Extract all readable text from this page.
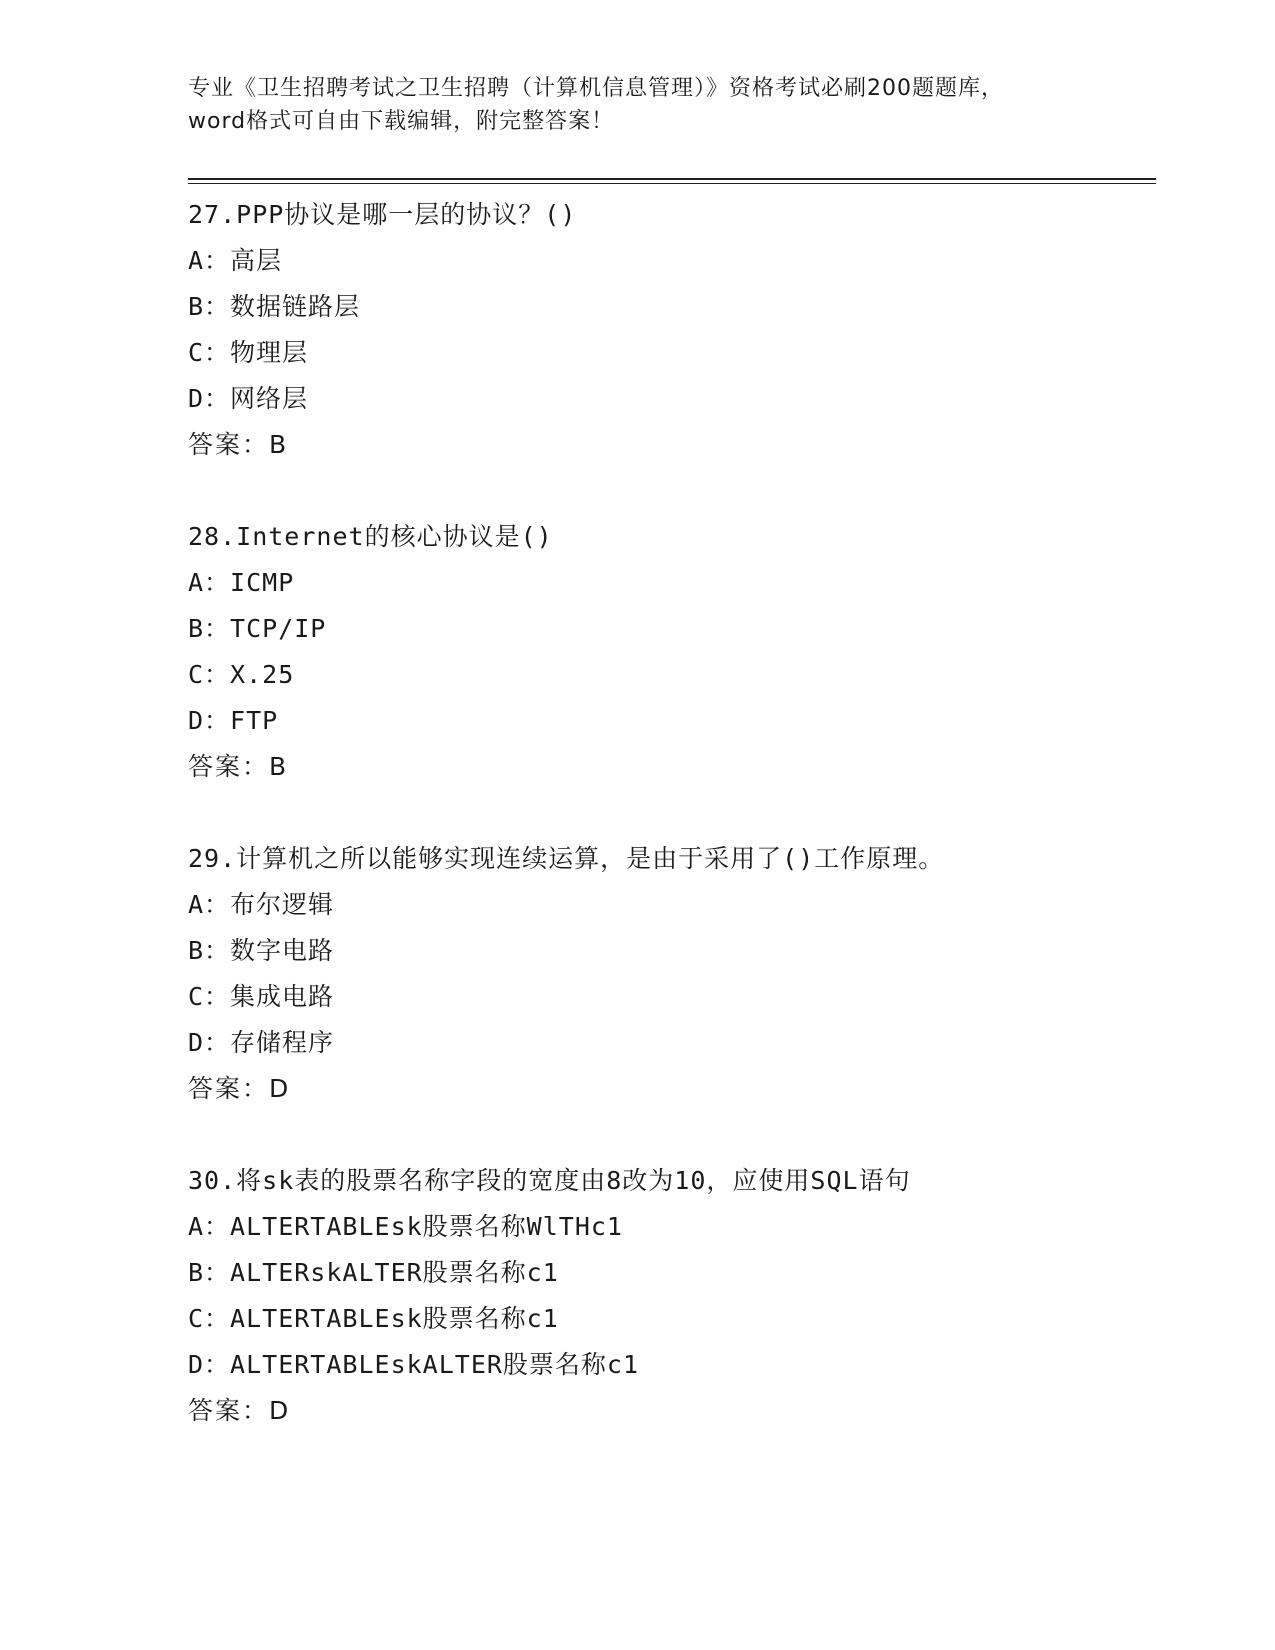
专业《卫生招聘考试之卫生招聘（计算机信息管理）》资格考试必刷200题题库，
word格式可自由下载编辑，附完整答案！
27.PPP协议是哪一层的协议？()
A：高层
B：数据链路层
C：物理层
D：网络层
答案：B
28.Internet的核心协议是()
A：ICMP
B：TCP/IP
C：X.25
D：FTP
答案：B
29.计算机之所以能够实现连续运算，是由于采用了()工作原理。
A：布尔逻辑
B：数字电路
C：集成电路
D：存储程序
答案：D
30.将sk表的股票名称字段的宽度由8改为10，应使用SQL语句
A：ALTERTABLEsk股票名称WlTHc1
B：ALTERskALTER股票名称c1
C：ALTERTABLEsk股票名称c1
D：ALTERTABLEskALTER股票名称c1
答案：D
